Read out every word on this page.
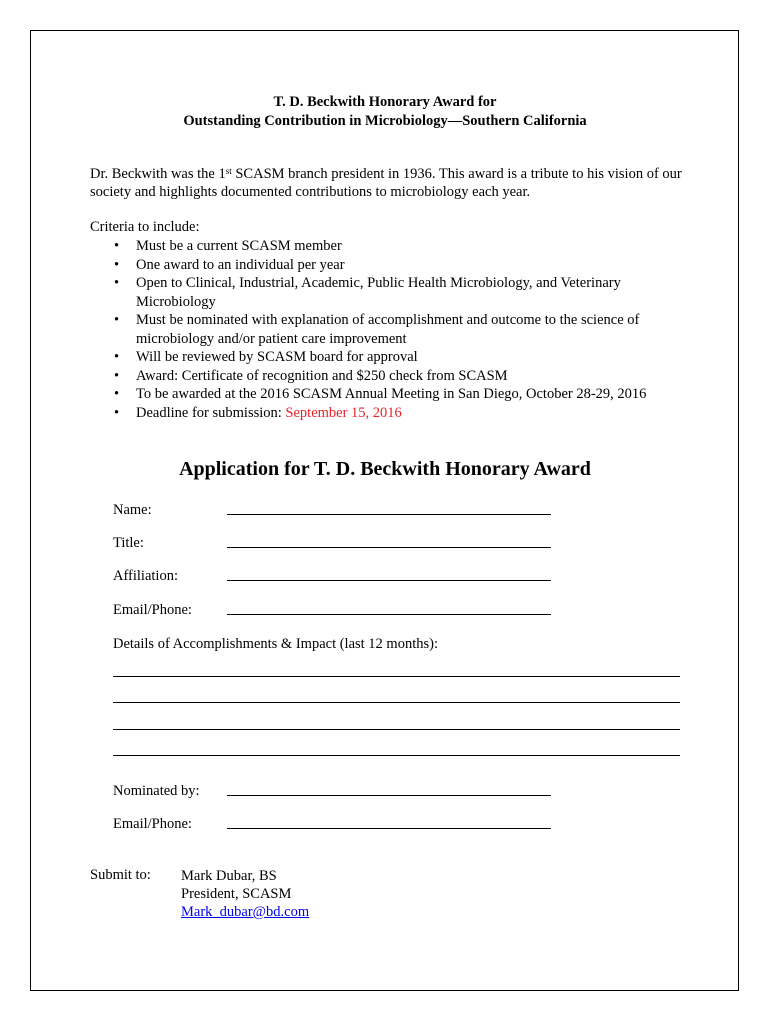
T. D. Beckwith Honorary Award for
Outstanding Contribution in Microbiology—Southern California
Dr. Beckwith was the 1st SCASM branch president in 1936. This award is a tribute to his vision of our society and highlights documented contributions to microbiology each year.
Criteria to include:
• Must be a current SCASM member
• One award to an individual per year
• Open to Clinical, Industrial, Academic, Public Health Microbiology, and Veterinary Microbiology
• Must be nominated with explanation of accomplishment and outcome to the science of microbiology and/or patient care improvement
• Will be reviewed by SCASM board for approval
• Award: Certificate of recognition and $250 check from SCASM
• To be awarded at the 2016 SCASM Annual Meeting in San Diego, October 28-29, 2016
• Deadline for submission: September 15, 2016
Application for T. D. Beckwith Honorary Award
Name:
Title:
Affiliation:
Email/Phone:
Details of Accomplishments & Impact (last 12 months):
Nominated by:
Email/Phone:
Submit to: Mark Dubar, BS
President, SCASM
Mark_dubar@bd.com
